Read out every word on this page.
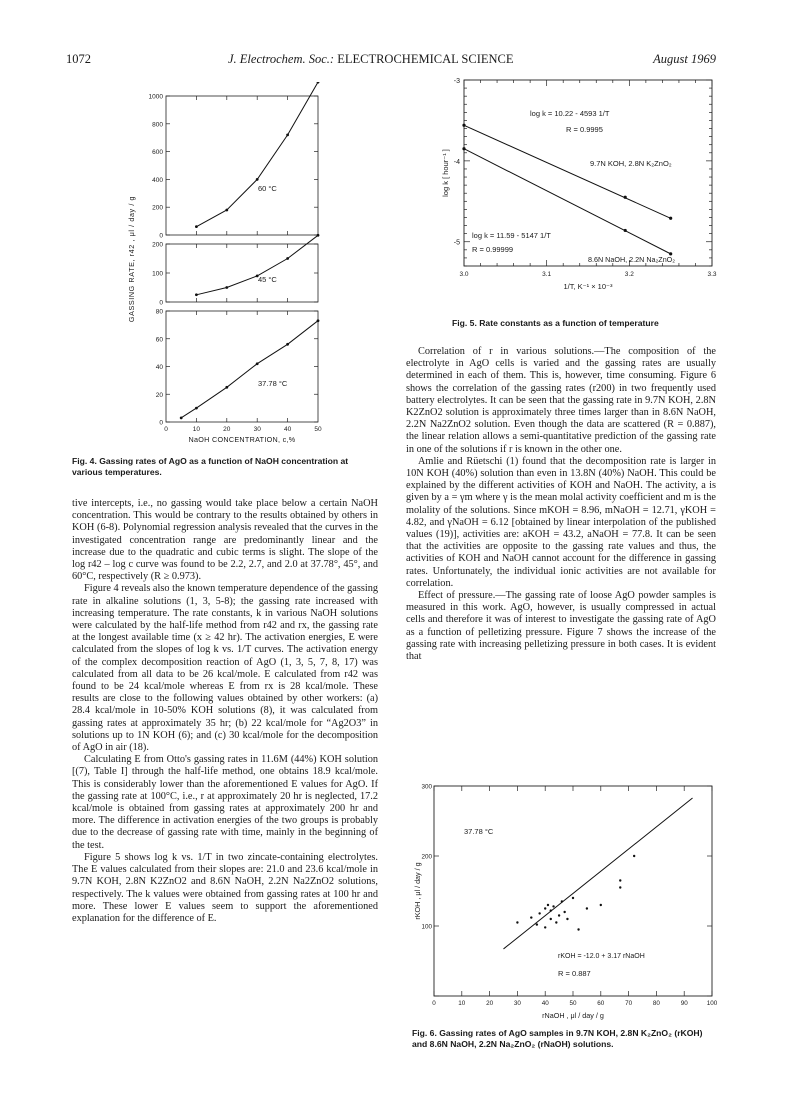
1072	J. Electrochem. Soc.: ELECTROCHEMICAL SCIENCE	August 1969
0
200
400
600
800
1000
60 °C
0
100
200
45 °C
0
20
40
60
80
37.78 °C
0	10	20	30	40	50
NaOH CONCENTRATION, c,%
GASSING RATE, r42 , μl / day / g
Fig. 4. Gassing rates of AgO as a function of NaOH concentration at various temperatures.
-3
-4
-5
3.0	3.1	3.2	3.3
1/T, K⁻¹ × 10⁻³
log k [ hour⁻¹ ]
log k = 10.22 - 4593 1/T
R = 0.9995
9.7N KOH, 2.8N K₂ZnO₂
log k = 11.59 - 5147 1/T
R = 0.99999
8.6N NaOH, 2.2N Na₂ZnO₂
Fig. 5. Rate constants as a function of temperature

tive intercepts, i.e., no gassing would take place below a certain NaOH concentration. This would be contrary to the results obtained by others in KOH (6-8). Polynomial regression analysis revealed that the curves in the investigated concentration range are predominantly linear and the increase due to the quadratic and cubic terms is slight. The slope of the log r42 – log c curve was found to be 2.2, 2.7, and 2.0 at 37.78°, 45°, and 60°C, respectively (R ≥ 0.973).

Figure 4 reveals also the known temperature dependence of the gassing rate in alkaline solutions (1, 3, 5-8); the gassing rate increased with increasing temperature. The rate constants, k in various NaOH solutions were calculated by the half-life method from r42 and rx, the gassing rate at the longest available time (x ≥ 42 hr). The activation energies, E were calculated from the slopes of log k vs. 1/T curves. The activation energy of the complex decomposition reaction of AgO (1, 3, 5, 7, 8, 17) was calculated from all data to be 26 kcal/mole. E calculated from r42 was found to be 24 kcal/mole whereas E from rx is 28 kcal/mole. These results are close to the following values obtained by other workers: (a) 28.4 kcal/mole in 10-50% KOH solutions (8), it was calculated from gassing rates at approximately 35 hr; (b) 22 kcal/mole for “Ag2O3” in solutions up to 1N KOH (6); and (c) 30 kcal/mole for the decomposition of AgO in air (18).

Calculating E from Otto's gassing rates in 11.6M (44%) KOH solution [(7), Table I] through the half-life method, one obtains 18.9 kcal/mole. This is considerably lower than the aforementioned E values for AgO. If the gassing rate at 100°C, i.e., r at approximately 20 hr is neglected, 17.2 kcal/mole is obtained from gassing rates at approximately 200 hr and more. The difference in activation energies of the two groups is probably due to the decrease of gassing rate with time, mainly in the beginning of the test.

Figure 5 shows log k vs. 1/T in two zincate-containing electrolytes. The E values calculated from their slopes are: 21.0 and 23.6 kcal/mole in 9.7N KOH, 2.8N K2ZnO2 and 8.6N NaOH, 2.2N Na2ZnO2 solutions, respectively. The k values were obtained from gassing rates at 100 hr and more. These lower E values seem to support the aforementioned explanation for the difference of E.

Correlation of r in various solutions.—The composition of the electrolyte in AgO cells is varied and the gassing rates are usually determined in each of them. This is, however, time consuming. Figure 6 shows the correlation of the gassing rates (r200) in two frequently used battery electrolytes. It can be seen that the gassing rate in 9.7N KOH, 2.8N K2ZnO2 solution is approximately three times larger than in 8.6N NaOH, 2.2N Na2ZnO2 solution. Even though the data are scattered (R = 0.887), the linear relation allows a semi-quantitative prediction of the gassing rate in one of the solutions if r is known in the other one.

Amlie and Rüetschi (1) found that the decomposition rate is larger in 10N KOH (40%) solution than even in 13.8N (40%) NaOH. This could be explained by the different activities of KOH and NaOH. The activity, a is given by a = γm where γ is the mean molal activity coefficient and m is the molality of the solutions. Since mKOH = 8.96, mNaOH = 12.71, γKOH = 4.82, and γNaOH = 6.12 [obtained by linear interpolation of the published values (19)], activities are: aKOH = 43.2, aNaOH = 77.8. It can be seen that the activities are opposite to the gassing rate values and thus, the activities of KOH and NaOH cannot account for the difference in gassing rates. Unfortunately, the individual ionic activities are not available for correlation.

Effect of pressure.—The gassing rate of loose AgO powder samples is measured in this work. AgO, however, is usually compressed in actual cells and therefore it was of interest to investigate the gassing rate of AgO as a function of pelletizing pressure. Figure 7 shows the increase of the gassing rate with increasing pelletizing pressure in both cases. It is evident that

0	10	20	30	40	50	60	70	80	90	100
100
200
300
rNaOH , μl / day / g
rKOH , μl / day / g
37.78 °C
rKOH = -12.0 + 3.17 rNaOH
R = 0.887
Fig. 6. Gassing rates of AgO samples in 9.7N KOH, 2.8N K₂ZnO₂ (rKOH) and 8.6N NaOH, 2.2N Na₂ZnO₂ (rNaOH) solutions.
